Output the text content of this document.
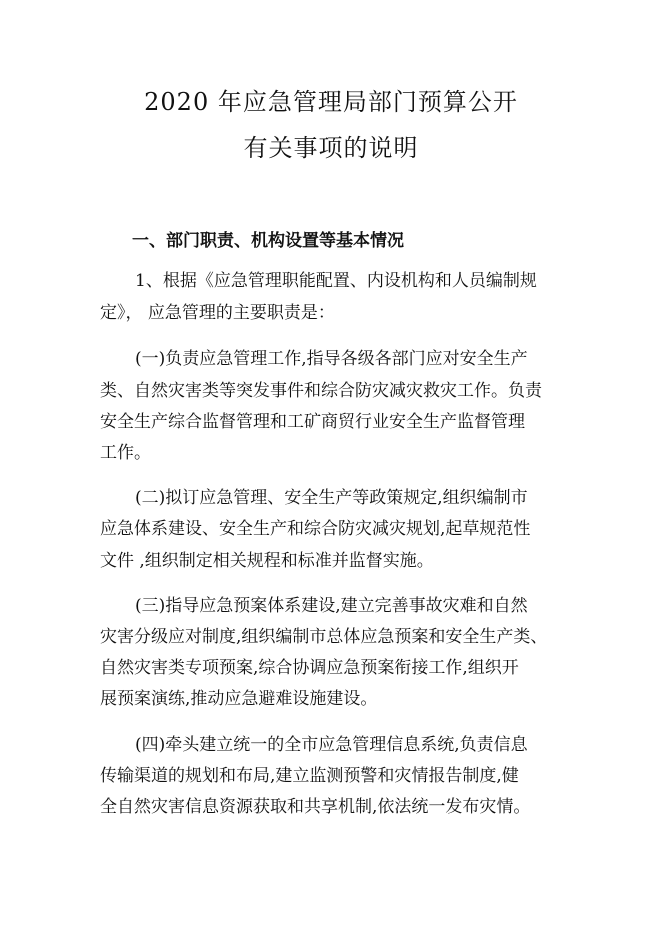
2020 年应急管理局部门预算公开
有关事项的说明
一、部门职责、机构设置等基本情况
1、根据《应急管理职能配置、内设机构和人员编制规
定》， 应急管理的主要职责是：
(一)负责应急管理工作,指导各级各部门应对安全生产
类、自然灾害类等突发事件和综合防灾减灾救灾工作。负责
安全生产综合监督管理和工矿商贸行业安全生产监督管理
工作。
(二)拟订应急管理、安全生产等政策规定,组织编制市
应急体系建设、安全生产和综合防灾减灾规划,起草规范性
文件 ,组织制定相关规程和标准并监督实施。
(三)指导应急预案体系建设,建立完善事故灾难和自然
灾害分级应对制度,组织编制市总体应急预案和安全生产类、
自然灾害类专项预案,综合协调应急预案衔接工作,组织开
展预案演练,推动应急避难设施建设。
(四)牵头建立统一的全市应急管理信息系统,负责信息
传输渠道的规划和布局,建立监测预警和灾情报告制度,健
全自然灾害信息资源获取和共享机制,依法统一发布灾情。
